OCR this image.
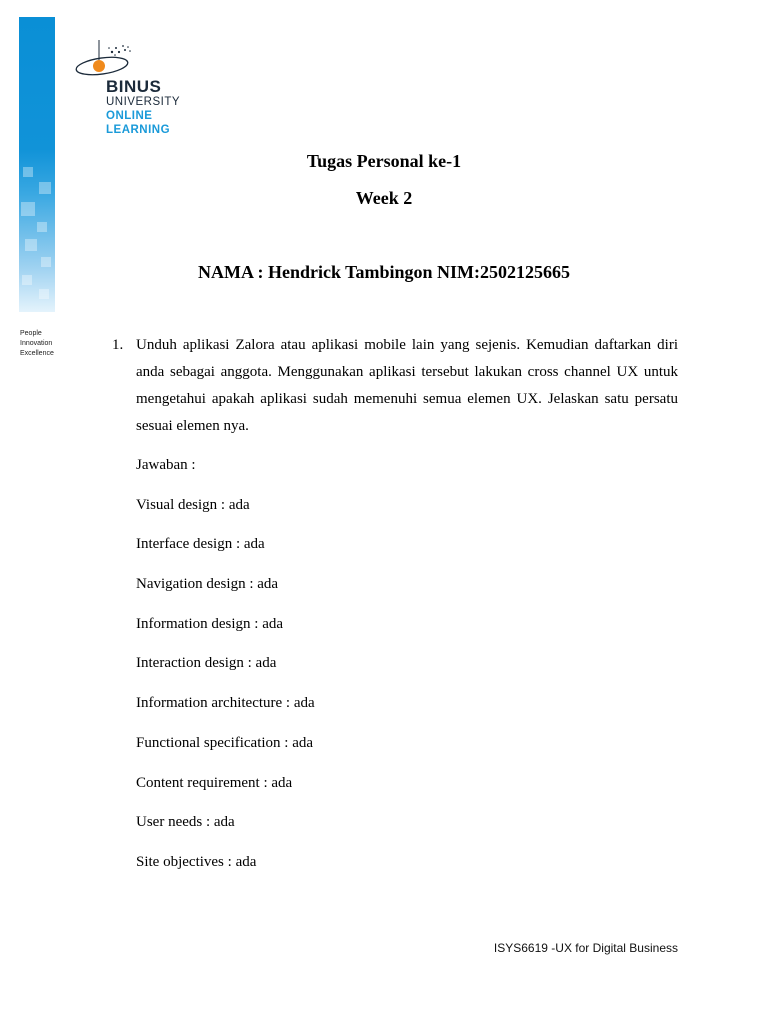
People
Innovation
Excellence
BINUS
UNIVERSITY
ONLINE
LEARNING
Tugas Personal ke-1
Week 2
NAMA : Hendrick Tambingon NIM:2502125665
1. Unduh aplikasi Zalora atau aplikasi mobile lain yang sejenis. Kemudian daftarkan diri anda sebagai anggota. Menggunakan aplikasi tersebut lakukan cross channel UX untuk mengetahui apakah aplikasi sudah memenuhi semua elemen UX. Jelaskan satu persatu sesuai elemen nya.
Jawaban :
Visual design : ada
Interface design : ada
Navigation design : ada
Information design : ada
Interaction design : ada
Information architecture : ada
Functional specification : ada
Content requirement : ada
User needs : ada
Site objectives : ada
ISYS6619 -UX for Digital Business
